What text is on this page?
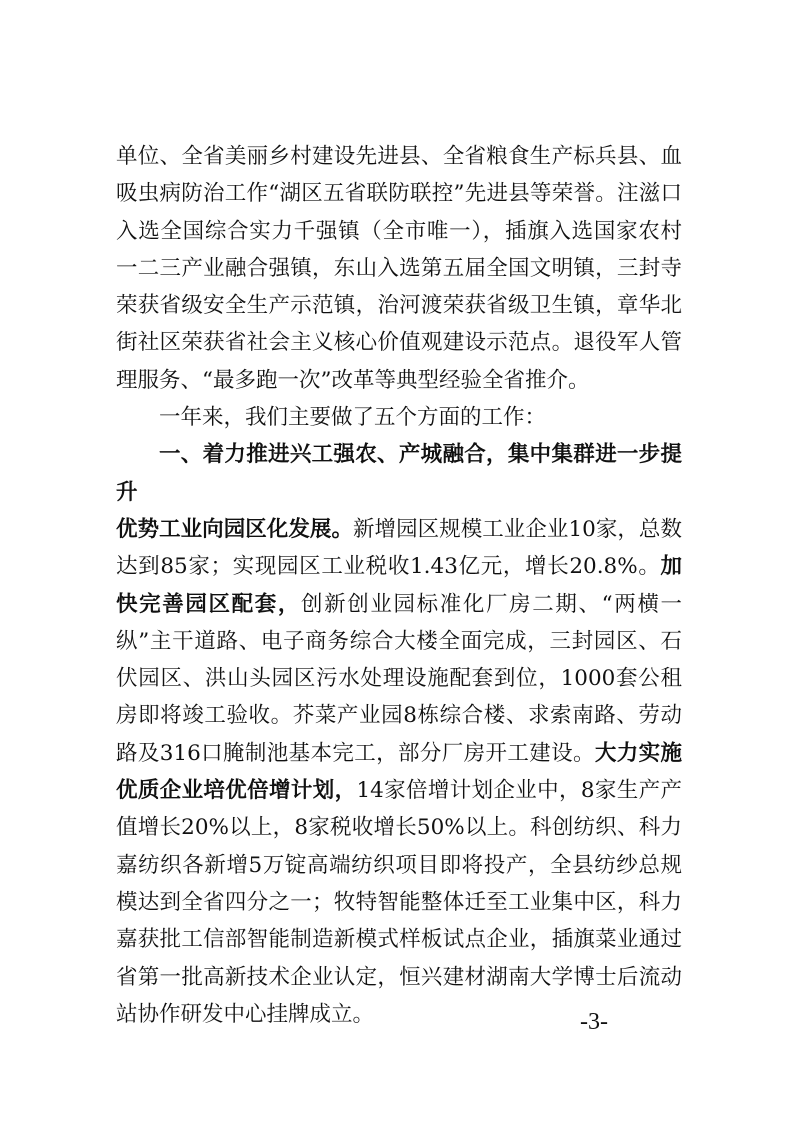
单位、全省美丽乡村建设先进县、全省粮食生产标兵县、血吸虫病防治工作“湖区五省联防联控”先进县等荣誉。注滋口入选全国综合实力千强镇（全市唯一），插旗入选国家农村一二三产业融合强镇，东山入选第五届全国文明镇，三封寺荣获省级安全生产示范镇，治河渡荣获省级卫生镇，章华北街社区荣获省社会主义核心价值观建设示范点。退役军人管理服务、“最多跑一次”改革等典型经验全省推介。

一年来，我们主要做了五个方面的工作：

一、着力推进兴工强农、产城融合，集中集群进一步提升

优势工业向园区化发展。新增园区规模工业企业10家，总数达到85家；实现园区工业税收1.43亿元，增长20.8%。加快完善园区配套，创新创业园标准化厂房二期、“两横一纵”主干道路、电子商务综合大楼全面完成，三封园区、石伏园区、洪山头园区污水处理设施配套到位，1000套公租房即将竣工验收。芥菜产业园8栋综合楼、求索南路、劳动路及316口腌制池基本完工，部分厂房开工建设。大力实施优质企业培优倍增计划，14家倍增计划企业中，8家生产产值增长20%以上，8家税收增长50%以上。科创纺织、科力嘉纺织各新增5万锭高端纺织项目即将投产，全县纺纱总规模达到全省四分之一；牧特智能整体迁至工业集中区，科力嘉获批工信部智能制造新模式样板试点企业，插旗菜业通过省第一批高新技术企业认定，恒兴建材湖南大学博士后流动站协作研发中心挂牌成立。	-3-
